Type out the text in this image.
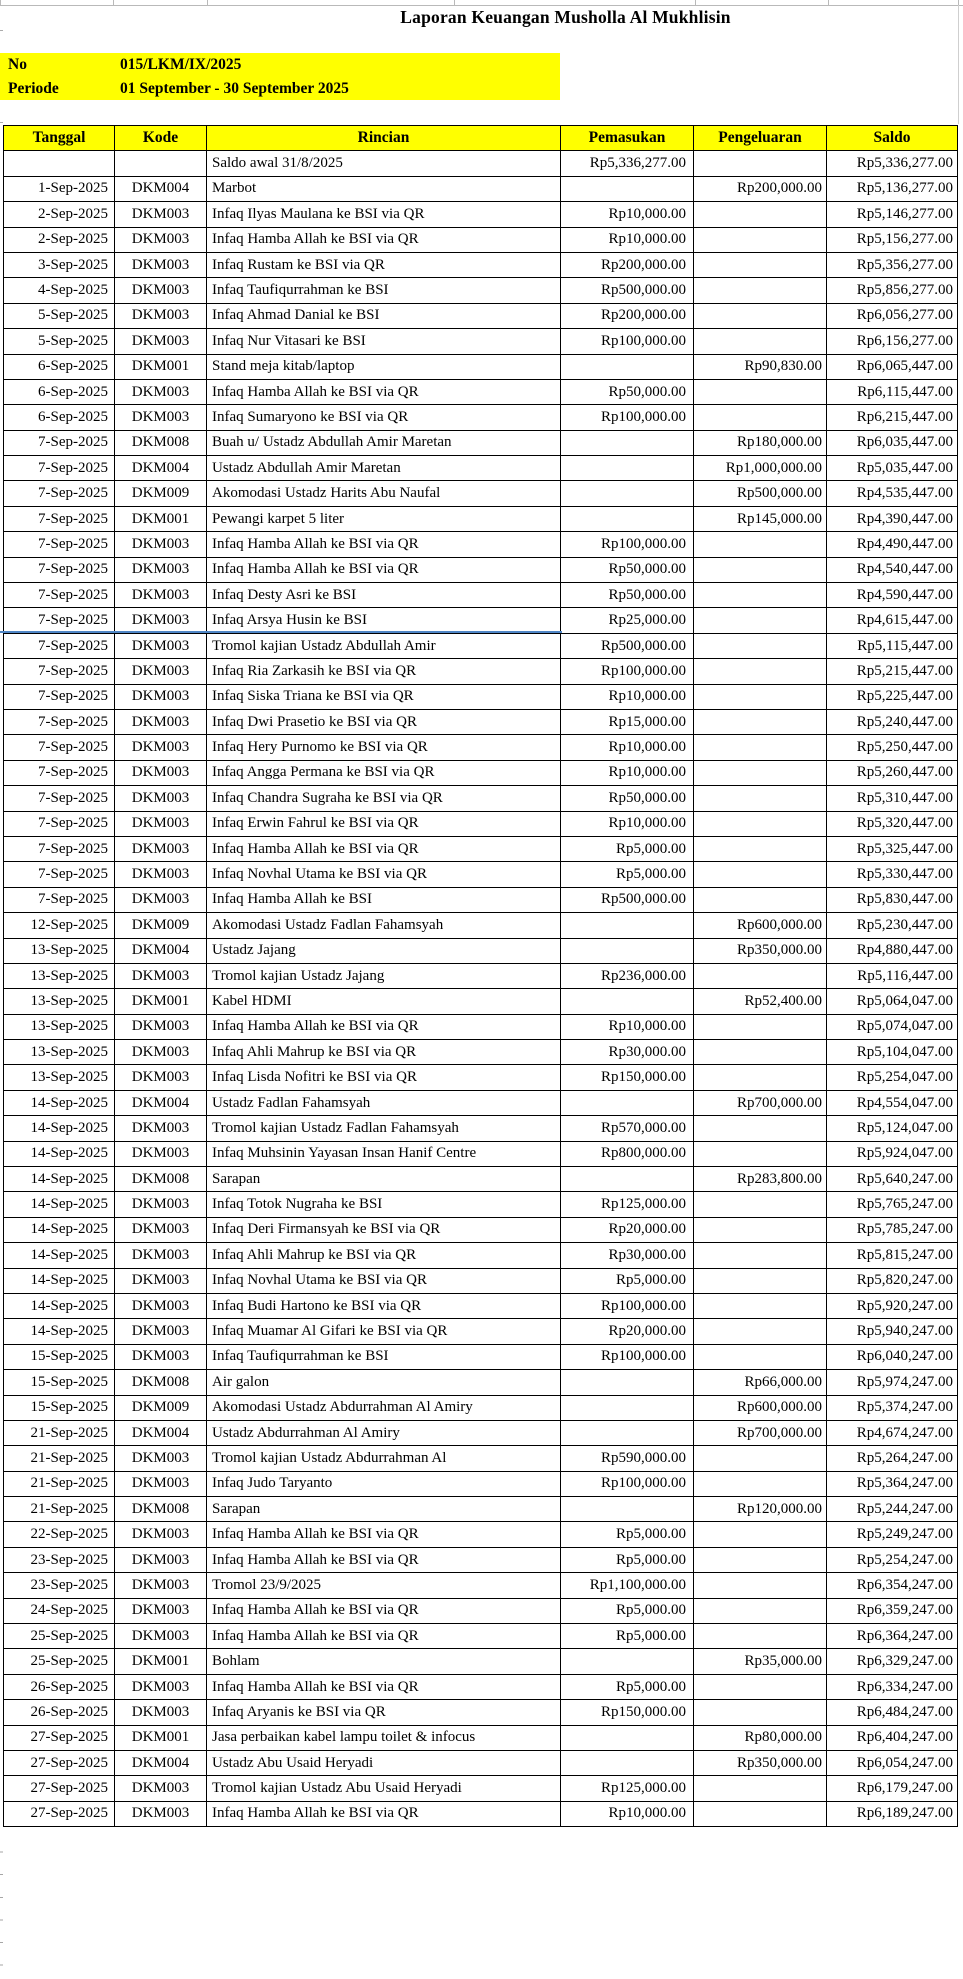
Laporan Keuangan Musholla Al Mukhlisin
No	015/LKM/IX/2025
Periode	01 September - 30 September 2025
Tanggal	Kode	Rincian	Pemasukan	Pengeluaran	Saldo
		Saldo awal 31/8/2025	Rp5,336,277.00		Rp5,336,277.00
1-Sep-2025	DKM004	Marbot		Rp200,000.00	Rp5,136,277.00
2-Sep-2025	DKM003	Infaq Ilyas Maulana ke BSI via QR	Rp10,000.00		Rp5,146,277.00
2-Sep-2025	DKM003	Infaq Hamba Allah ke BSI via QR	Rp10,000.00		Rp5,156,277.00
3-Sep-2025	DKM003	Infaq Rustam ke BSI via QR	Rp200,000.00		Rp5,356,277.00
4-Sep-2025	DKM003	Infaq Taufiqurrahman ke BSI	Rp500,000.00		Rp5,856,277.00
5-Sep-2025	DKM003	Infaq Ahmad Danial ke BSI	Rp200,000.00		Rp6,056,277.00
5-Sep-2025	DKM003	Infaq Nur Vitasari ke BSI	Rp100,000.00		Rp6,156,277.00
6-Sep-2025	DKM001	Stand meja kitab/laptop		Rp90,830.00	Rp6,065,447.00
6-Sep-2025	DKM003	Infaq Hamba Allah ke BSI via QR	Rp50,000.00		Rp6,115,447.00
6-Sep-2025	DKM003	Infaq Sumaryono ke BSI via QR	Rp100,000.00		Rp6,215,447.00
7-Sep-2025	DKM008	Buah u/ Ustadz Abdullah Amir Maretan		Rp180,000.00	Rp6,035,447.00
7-Sep-2025	DKM004	Ustadz Abdullah Amir Maretan		Rp1,000,000.00	Rp5,035,447.00
7-Sep-2025	DKM009	Akomodasi Ustadz Harits Abu Naufal		Rp500,000.00	Rp4,535,447.00
7-Sep-2025	DKM001	Pewangi karpet 5 liter		Rp145,000.00	Rp4,390,447.00
7-Sep-2025	DKM003	Infaq Hamba Allah ke BSI via QR	Rp100,000.00		Rp4,490,447.00
7-Sep-2025	DKM003	Infaq Hamba Allah ke BSI via QR	Rp50,000.00		Rp4,540,447.00
7-Sep-2025	DKM003	Infaq Desty Asri ke BSI	Rp50,000.00		Rp4,590,447.00
7-Sep-2025	DKM003	Infaq Arsya Husin ke BSI	Rp25,000.00		Rp4,615,447.00
7-Sep-2025	DKM003	Tromol kajian Ustadz Abdullah Amir	Rp500,000.00		Rp5,115,447.00
7-Sep-2025	DKM003	Infaq Ria Zarkasih ke BSI via QR	Rp100,000.00		Rp5,215,447.00
7-Sep-2025	DKM003	Infaq Siska Triana ke BSI via QR	Rp10,000.00		Rp5,225,447.00
7-Sep-2025	DKM003	Infaq Dwi Prasetio ke BSI via QR	Rp15,000.00		Rp5,240,447.00
7-Sep-2025	DKM003	Infaq Hery Purnomo ke BSI via QR	Rp10,000.00		Rp5,250,447.00
7-Sep-2025	DKM003	Infaq Angga Permana ke BSI via QR	Rp10,000.00		Rp5,260,447.00
7-Sep-2025	DKM003	Infaq Chandra Sugraha ke BSI via QR	Rp50,000.00		Rp5,310,447.00
7-Sep-2025	DKM003	Infaq Erwin Fahrul ke BSI via QR	Rp10,000.00		Rp5,320,447.00
7-Sep-2025	DKM003	Infaq Hamba Allah ke BSI via QR	Rp5,000.00		Rp5,325,447.00
7-Sep-2025	DKM003	Infaq Novhal Utama ke BSI via QR	Rp5,000.00		Rp5,330,447.00
7-Sep-2025	DKM003	Infaq Hamba Allah ke BSI	Rp500,000.00		Rp5,830,447.00
12-Sep-2025	DKM009	Akomodasi Ustadz Fadlan Fahamsyah		Rp600,000.00	Rp5,230,447.00
13-Sep-2025	DKM004	Ustadz Jajang		Rp350,000.00	Rp4,880,447.00
13-Sep-2025	DKM003	Tromol kajian Ustadz Jajang	Rp236,000.00		Rp5,116,447.00
13-Sep-2025	DKM001	Kabel HDMI		Rp52,400.00	Rp5,064,047.00
13-Sep-2025	DKM003	Infaq Hamba Allah ke BSI via QR	Rp10,000.00		Rp5,074,047.00
13-Sep-2025	DKM003	Infaq Ahli Mahrup ke BSI via QR	Rp30,000.00		Rp5,104,047.00
13-Sep-2025	DKM003	Infaq Lisda Nofitri ke BSI via QR	Rp150,000.00		Rp5,254,047.00
14-Sep-2025	DKM004	Ustadz Fadlan Fahamsyah		Rp700,000.00	Rp4,554,047.00
14-Sep-2025	DKM003	Tromol kajian Ustadz Fadlan Fahamsyah	Rp570,000.00		Rp5,124,047.00
14-Sep-2025	DKM003	Infaq Muhsinin Yayasan Insan Hanif Centre	Rp800,000.00		Rp5,924,047.00
14-Sep-2025	DKM008	Sarapan		Rp283,800.00	Rp5,640,247.00
14-Sep-2025	DKM003	Infaq Totok Nugraha ke BSI	Rp125,000.00		Rp5,765,247.00
14-Sep-2025	DKM003	Infaq Deri Firmansyah ke BSI via QR	Rp20,000.00		Rp5,785,247.00
14-Sep-2025	DKM003	Infaq Ahli Mahrup ke BSI via QR	Rp30,000.00		Rp5,815,247.00
14-Sep-2025	DKM003	Infaq Novhal Utama ke BSI via QR	Rp5,000.00		Rp5,820,247.00
14-Sep-2025	DKM003	Infaq Budi Hartono ke BSI via QR	Rp100,000.00		Rp5,920,247.00
14-Sep-2025	DKM003	Infaq Muamar Al Gifari ke BSI via QR	Rp20,000.00		Rp5,940,247.00
15-Sep-2025	DKM003	Infaq Taufiqurrahman ke BSI	Rp100,000.00		Rp6,040,247.00
15-Sep-2025	DKM008	Air galon		Rp66,000.00	Rp5,974,247.00
15-Sep-2025	DKM009	Akomodasi Ustadz Abdurrahman Al Amiry		Rp600,000.00	Rp5,374,247.00
21-Sep-2025	DKM004	Ustadz Abdurrahman Al Amiry		Rp700,000.00	Rp4,674,247.00
21-Sep-2025	DKM003	Tromol kajian Ustadz Abdurrahman Al	Rp590,000.00		Rp5,264,247.00
21-Sep-2025	DKM003	Infaq Judo Taryanto	Rp100,000.00		Rp5,364,247.00
21-Sep-2025	DKM008	Sarapan		Rp120,000.00	Rp5,244,247.00
22-Sep-2025	DKM003	Infaq Hamba Allah ke BSI via QR	Rp5,000.00		Rp5,249,247.00
23-Sep-2025	DKM003	Infaq Hamba Allah ke BSI via QR	Rp5,000.00		Rp5,254,247.00
23-Sep-2025	DKM003	Tromol 23/9/2025	Rp1,100,000.00		Rp6,354,247.00
24-Sep-2025	DKM003	Infaq Hamba Allah ke BSI via QR	Rp5,000.00		Rp6,359,247.00
25-Sep-2025	DKM003	Infaq Hamba Allah ke BSI via QR	Rp5,000.00		Rp6,364,247.00
25-Sep-2025	DKM001	Bohlam		Rp35,000.00	Rp6,329,247.00
26-Sep-2025	DKM003	Infaq Hamba Allah ke BSI via QR	Rp5,000.00		Rp6,334,247.00
26-Sep-2025	DKM003	Infaq Aryanis ke BSI via QR	Rp150,000.00		Rp6,484,247.00
27-Sep-2025	DKM001	Jasa perbaikan kabel lampu toilet & infocus		Rp80,000.00	Rp6,404,247.00
27-Sep-2025	DKM004	Ustadz Abu Usaid Heryadi		Rp350,000.00	Rp6,054,247.00
27-Sep-2025	DKM003	Tromol kajian Ustadz Abu Usaid Heryadi	Rp125,000.00		Rp6,179,247.00
27-Sep-2025	DKM003	Infaq Hamba Allah ke BSI via QR	Rp10,000.00		Rp6,189,247.00
